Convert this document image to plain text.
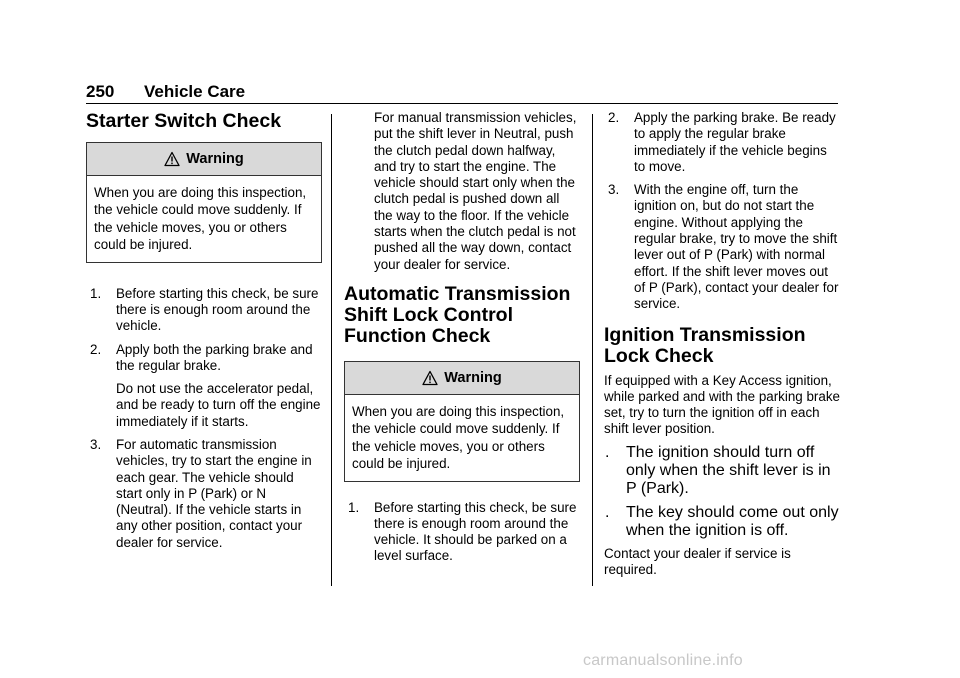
250 Vehicle Care
Starter Switch Check
Warning
When you are doing this inspection, the vehicle could move suddenly. If the vehicle moves, you or others could be injured.
1. Before starting this check, be sure there is enough room around the vehicle.
2. Apply both the parking brake and the regular brake.

Do not use the accelerator pedal, and be ready to turn off the engine immediately if it starts.

3. For automatic transmission vehicles, try to start the engine in each gear. The vehicle should start only in P (Park) or N (Neutral). If the vehicle starts in any other position, contact your dealer for service.

For manual transmission vehicles, put the shift lever in Neutral, push the clutch pedal down halfway, and try to start the engine. The vehicle should start only when the clutch pedal is pushed down all the way to the floor. If the vehicle starts when the clutch pedal is not pushed all the way down, contact your dealer for service.

Automatic Transmission Shift Lock Control Function Check
Warning
When you are doing this inspection, the vehicle could move suddenly. If the vehicle moves, you or others could be injured.
1. Before starting this check, be sure there is enough room around the vehicle. It should be parked on a level surface.
2. Apply the parking brake. Be ready to apply the regular brake immediately if the vehicle begins to move.
3. With the engine off, turn the ignition on, but do not start the engine. Without applying the regular brake, try to move the shift lever out of P (Park) with normal effort. If the shift lever moves out of P (Park), contact your dealer for service.
Ignition Transmission Lock Check

If equipped with a Key Access ignition, while parked and with the parking brake set, try to turn the ignition off in each shift lever position.

. The ignition should turn off only when the shift lever is in P (Park).
. The key should come out only when the ignition is off.

Contact your dealer if service is required.

carmanualsonline.info
